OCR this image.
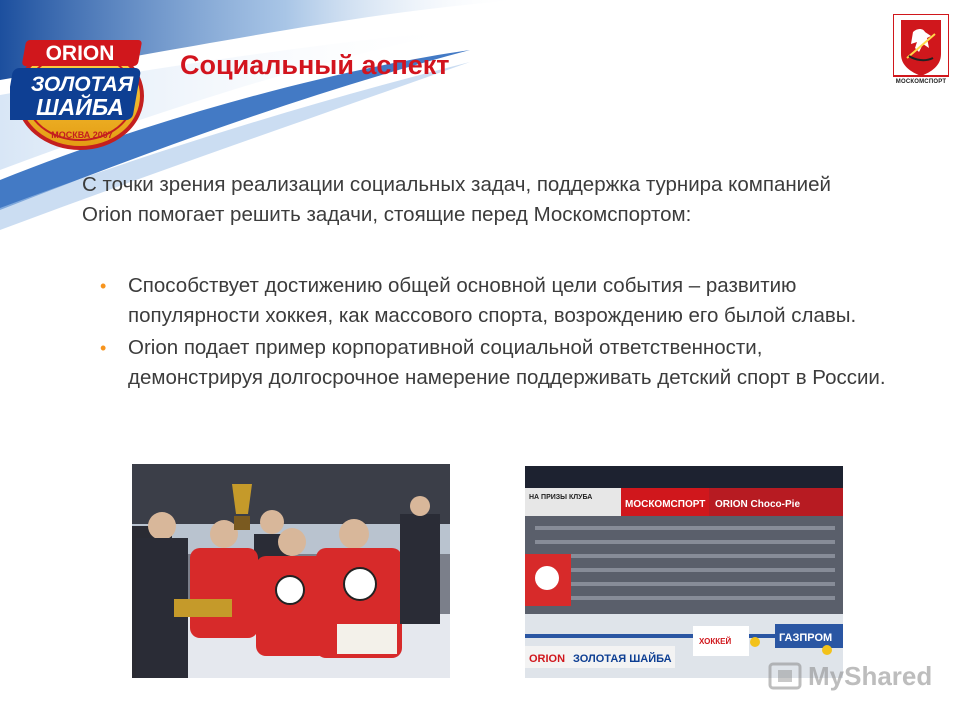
ORION
ЗОЛОТАЯ
ШАЙБА
МОСКВА 2007
Социальный аспект
МОСКОМСПОРТ
С точки зрения реализации социальных задач, поддержка турнира компанией Orion помогает решить задачи, стоящие перед Москомспортом:
• Способствует достижению общей основной цели события – развитию популярности хоккея, как массового спорта, возрождению его былой славы.
• Orion подает пример корпоративной социальной ответственности, демонстрируя долгосрочное намерение поддерживать детский спорт в России.
НА ПРИЗЫ КЛУБА
МОСКОМСПОРТ ORION Choco-Pie
ORION ЗОЛОТАЯ ШАЙБА
ХОККЕЙ	ГАЗПРОМ
MyShared
